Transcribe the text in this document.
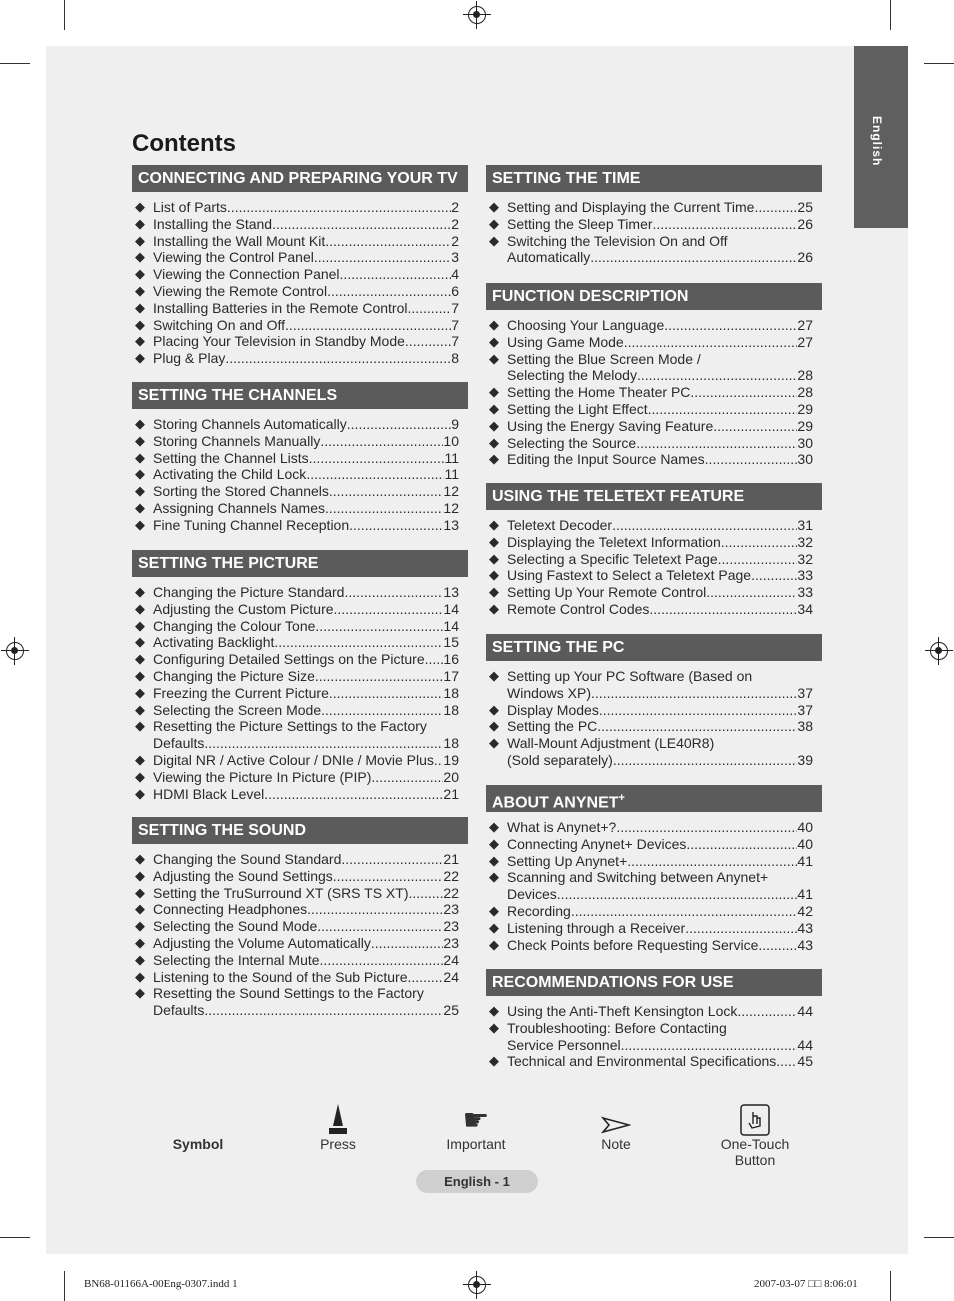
English
Contents
CONNECTING AND PREPARING YOUR TV
◆ List of Parts .....	2
◆ Installing the Stand .....	2
◆ Installing the Wall Mount Kit .....	2
◆ Viewing the Control Panel .....	3
◆ Viewing the Connection Panel .....	4
◆ Viewing the Remote Control .....	6
◆ Installing Batteries in the Remote Control .....	7
◆ Switching On and Off .....	7
◆ Placing Your Television in Standby Mode .....	7
◆ Plug & Play .....	8
SETTING THE CHANNELS
◆ Storing Channels Automatically .....	9
◆ Storing Channels Manually .....	10
◆ Setting the Channel Lists .....	11
◆ Activating the Child Lock .....	11
◆ Sorting the Stored Channels .....	12
◆ Assigning Channels Names .....	12
◆ Fine Tuning Channel Reception .....	13
SETTING THE PICTURE
◆ Changing the Picture Standard .....	13
◆ Adjusting the Custom Picture .....	14
◆ Changing the Colour Tone .....	14
◆ Activating Backlight .....	15
◆ Configuring Detailed Settings on the Picture ..... 16
◆ Changing the Picture Size .....	17
◆ Freezing the Current Picture .....	18
◆ Selecting the Screen Mode .....	18
◆ Resetting the Picture Settings to the Factory
Defaults .....	18
◆ Digital NR / Active Colour / DNIe / Movie Plus ..... 19
◆ Viewing the Picture In Picture (PIP) .....	20
◆ HDMI Black Level .....	21
SETTING THE SOUND
◆ Changing the Sound Standard .....	21
◆ Adjusting the Sound Settings .....	22
◆ Setting the TruSurround XT (SRS TS XT) ..... 22
◆ Connecting Headphones .....	23
◆ Selecting the Sound Mode .....	23
◆ Adjusting the Volume Automatically .....	23
◆ Selecting the Internal Mute .....	24
◆ Listening to the Sound of the Sub Picture .....	24
◆ Resetting the Sound Settings to the Factory
Defaults .....	25
SETTING THE TIME
◆ Setting and Displaying the Current Time .....	25
◆ Setting the Sleep Timer .....	26
◆ Switching the Television On and Off
Automatically .....	26
FUNCTION DESCRIPTION
◆ Choosing Your Language .....	27
◆ Using Game Mode .....	27
◆ Setting the Blue Screen Mode /
Selecting the Melody .....	28
◆ Setting the Home Theater PC .....	28
◆ Setting the Light Effect .....	29
◆ Using the Energy Saving Feature .....	29
◆ Selecting the Source .....	30
◆ Editing the Input Source Names .....	30
USING THE TELETEXT FEATURE
◆ Teletext Decoder .....	31
◆ Displaying the Teletext Information .....	32
◆ Selecting a Specific Teletext Page .....	32
◆ Using Fastext to Select a Teletext Page .....	33
◆ Setting Up Your Remote Control .....	33
◆ Remote Control Codes .....	34
SETTING THE PC
◆ Setting up Your PC Software (Based on
Windows XP) .....	37
◆ Display Modes .....	37
◆ Setting the PC .....	38
◆ Wall-Mount Adjustment (LE40R8)
(Sold separately) .....	39
ABOUT ANYNET+
◆ What is Anynet+? .....	40
◆ Connecting Anynet+ Devices .....	40
◆ Setting Up Anynet+ .....	41
◆ Scanning and Switching between Anynet+
Devices .....	41
◆ Recording .....	42
◆ Listening through a Receiver .....	43
◆ Check Points before Requesting Service .....	43
RECOMMENDATIONS FOR USE
◆ Using the Anti-Theft Kensington Lock .....	44
◆ Troubleshooting: Before Contacting
Service Personnel .....	44
◆ Technical and Environmental Specifications ..... 45
Symbol	Press
☛
Important	Note	One-Touch
Button
English - 1
BN68-01166A-00Eng-0307.indd 1	2007-03-07 □□ 8:06:01
